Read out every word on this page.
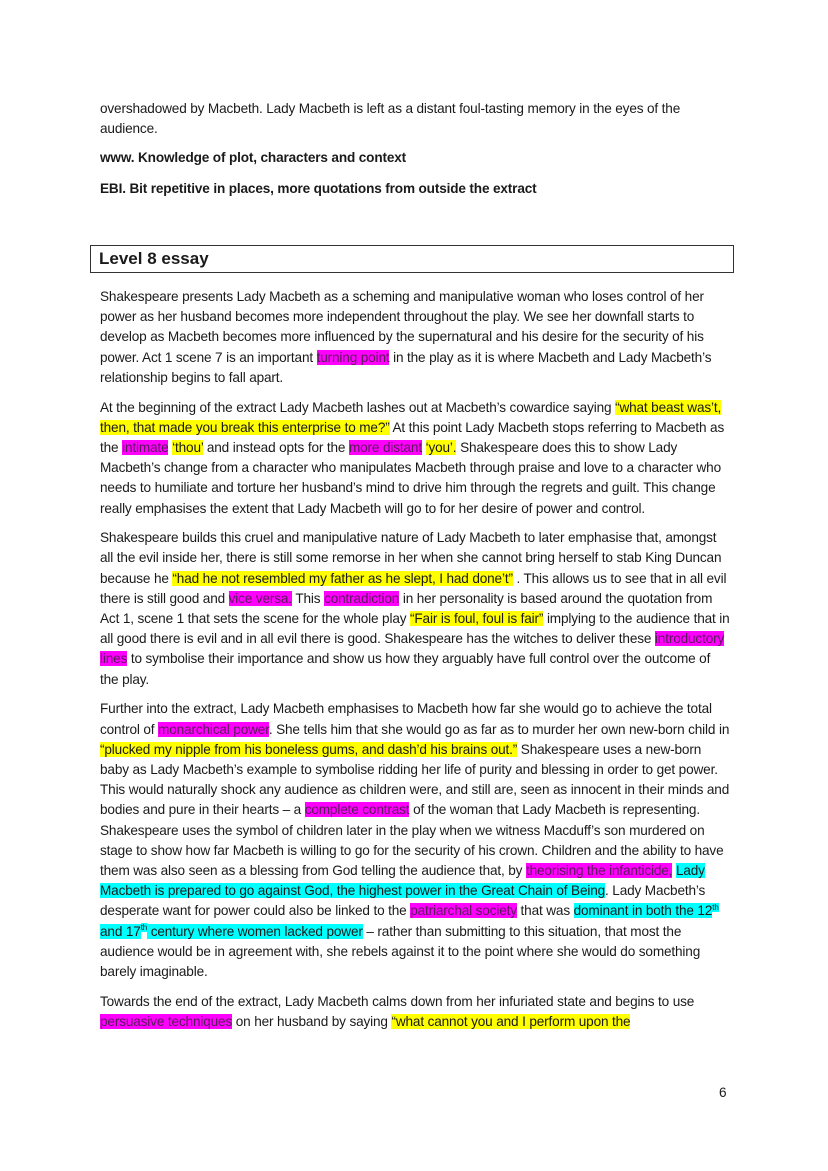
overshadowed by Macbeth. Lady Macbeth is left as a distant foul-tasting memory in the eyes of the audience.

www. Knowledge of plot, characters and context

EBI. Bit repetitive in places, more quotations from outside the extract

Level 8 essay

Shakespeare presents Lady Macbeth as a scheming and manipulative woman who loses control of her power as her husband becomes more independent throughout the play. We see her downfall starts to develop as Macbeth becomes more influenced by the supernatural and his desire for the security of his power. Act 1 scene 7 is an important turning point in the play as it is where Macbeth and Lady Macbeth’s relationship begins to fall apart.

At the beginning of the extract Lady Macbeth lashes out at Macbeth’s cowardice saying “what beast was’t, then, that made you break this enterprise to me?” At this point Lady Macbeth stops referring to Macbeth as the intimate ‘thou’ and instead opts for the more distant ‘you’. Shakespeare does this to show Lady Macbeth’s change from a character who manipulates Macbeth through praise and love to a character who needs to humiliate and torture her husband’s mind to drive him through the regrets and guilt. This change really emphasises the extent that Lady Macbeth will go to for her desire of power and control.

Shakespeare builds this cruel and manipulative nature of Lady Macbeth to later emphasise that, amongst all the evil inside her, there is still some remorse in her when she cannot bring herself to stab King Duncan because he “had he not resembled my father as he slept, I had done’t” . This allows us to see that in all evil there is still good and vice versa. This contradiction in her personality is based around the quotation from Act 1, scene 1 that sets the scene for the whole play “Fair is foul, foul is fair” implying to the audience that in all good there is evil and in all evil there is good. Shakespeare has the witches to deliver these introductory lines to symbolise their importance and show us how they arguably have full control over the outcome of the play.

Further into the extract, Lady Macbeth emphasises to Macbeth how far she would go to achieve the total control of monarchical power. She tells him that she would go as far as to murder her own new-born child in “plucked my nipple from his boneless gums, and dash’d his brains out.” Shakespeare uses a new-born baby as Lady Macbeth’s example to symbolise ridding her life of purity and blessing in order to get power. This would naturally shock any audience as children were, and still are, seen as innocent in their minds and bodies and pure in their hearts – a complete contrast of the woman that Lady Macbeth is representing. Shakespeare uses the symbol of children later in the play when we witness Macduff’s son murdered on stage to show how far Macbeth is willing to go for the security of his crown. Children and the ability to have them was also seen as a blessing from God telling the audience that, by theorising the infanticide, Lady Macbeth is prepared to go against God, the highest power in the Great Chain of Being. Lady Macbeth’s desperate want for power could also be linked to the patriarchal society that was dominant in both the 12th and 17th century where women lacked power – rather than submitting to this situation, that most the audience would be in agreement with, she rebels against it to the point where she would do something barely imaginable.

Towards the end of the extract, Lady Macbeth calms down from her infuriated state and begins to use persuasive techniques on her husband by saying “what cannot you and I perform upon the

6
